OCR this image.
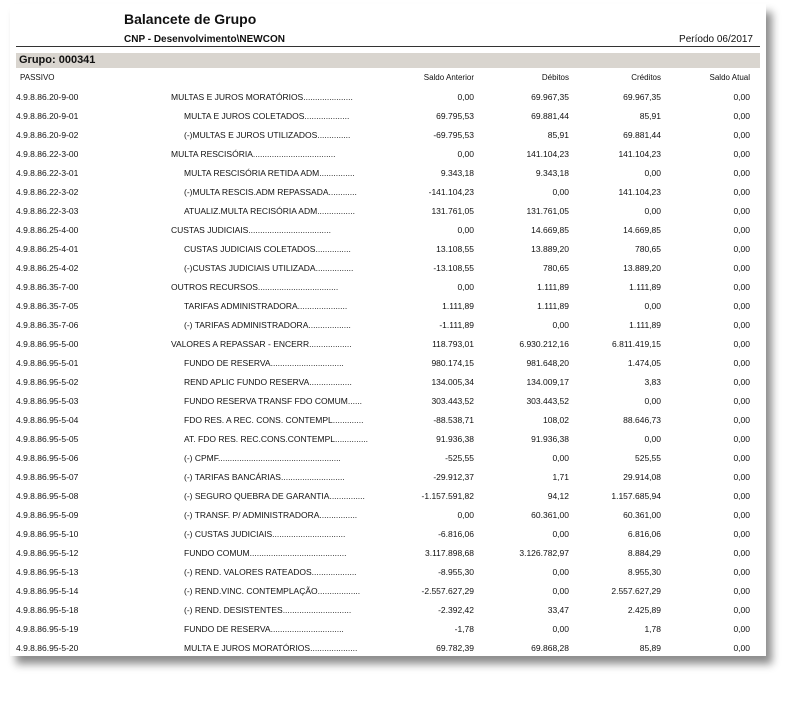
Balancete de Grupo
CNP - Desenvolvimento\NEWCON	Período 06/2017
Grupo: 000341
PASSIVO	Saldo Anterior	Débitos	Créditos	Saldo Atual
4.9.8.86.20-9-00	MULTAS E JUROS MORATÓRIOS.....................	0,00	69.967,35	69.967,35	0,00
4.9.8.86.20-9-01	MULTA E JUROS COLETADOS...................	69.795,53	69.881,44	85,91	0,00
4.9.8.86.20-9-02	(-)MULTAS E JUROS UTILIZADOS..............	-69.795,53	85,91	69.881,44	0,00
4.9.8.86.22-3-00	MULTA RESCISÓRIA...................................	0,00	141.104,23	141.104,23	0,00
4.9.8.86.22-3-01	MULTA RESCISÓRIA RETIDA ADM...............	9.343,18	9.343,18	0,00	0,00
4.9.8.86.22-3-02	(-)MULTA RESCIS.ADM REPASSADA............	-141.104,23	0,00	141.104,23	0,00
4.9.8.86.22-3-03	ATUALIZ.MULTA RECISÓRIA ADM................	131.761,05	131.761,05	0,00	0,00
4.9.8.86.25-4-00	CUSTAS JUDICIAIS...................................	0,00	14.669,85	14.669,85	0,00
4.9.8.86.25-4-01	CUSTAS JUDICIAIS COLETADOS...............	13.108,55	13.889,20	780,65	0,00
4.9.8.86.25-4-02	(-)CUSTAS JUDICIAIS UTILIZADA................	-13.108,55	780,65	13.889,20	0,00
4.9.8.86.35-7-00	OUTROS RECURSOS..................................	0,00	1.111,89	1.111,89	0,00
4.9.8.86.35-7-05	TARIFAS ADMINISTRADORA.....................	1.111,89	1.111,89	0,00	0,00
4.9.8.86.35-7-06	(-) TARIFAS ADMINISTRADORA..................	-1.111,89	0,00	1.111,89	0,00
4.9.8.86.95-5-00	VALORES A REPASSAR - ENCERR..................	118.793,01	6.930.212,16	6.811.419,15	0,00
4.9.8.86.95-5-01	FUNDO DE RESERVA...............................	980.174,15	981.648,20	1.474,05	0,00
4.9.8.86.95-5-02	REND APLIC FUNDO RESERVA..................	134.005,34	134.009,17	3,83	0,00
4.9.8.86.95-5-03	FUNDO RESERVA TRANSF FDO COMUM......	303.443,52	303.443,52	0,00	0,00
4.9.8.86.95-5-04	FDO RES. A REC. CONS. CONTEMPL.............	-88.538,71	108,02	88.646,73	0,00
4.9.8.86.95-5-05	AT. FDO RES. REC.CONS.CONTEMPL..............	91.936,38	91.936,38	0,00	0,00
4.9.8.86.95-5-06	(-) CPMF....................................................	-525,55	0,00	525,55	0,00
4.9.8.86.95-5-07	(-) TARIFAS BANCÁRIAS...........................	-29.912,37	1,71	29.914,08	0,00
4.9.8.86.95-5-08	(-) SEGURO QUEBRA DE GARANTIA...............	-1.157.591,82	94,12	1.157.685,94	0,00
4.9.8.86.95-5-09	(-) TRANSF. P/ ADMINISTRADORA................	0,00	60.361,00	60.361,00	0,00
4.9.8.86.95-5-10	(-) CUSTAS JUDICIAIS...............................	-6.816,06	0,00	6.816,06	0,00
4.9.8.86.95-5-12	FUNDO COMUM.........................................	3.117.898,68	3.126.782,97	8.884,29	0,00
4.9.8.86.95-5-13	(-) REND. VALORES RATEADOS...................	-8.955,30	0,00	8.955,30	0,00
4.9.8.86.95-5-14	(-) REND.VINC. CONTEMPLAÇÃO..................	-2.557.627,29	0,00	2.557.627,29	0,00
4.9.8.86.95-5-18	(-) REND. DESISTENTES.............................	-2.392,42	33,47	2.425,89	0,00
4.9.8.86.95-5-19	FUNDO DE RESERVA...............................	-1,78	0,00	1,78	0,00
4.9.8.86.95-5-20	MULTA E JUROS MORATÓRIOS....................	69.782,39	69.868,28	85,89	0,00
